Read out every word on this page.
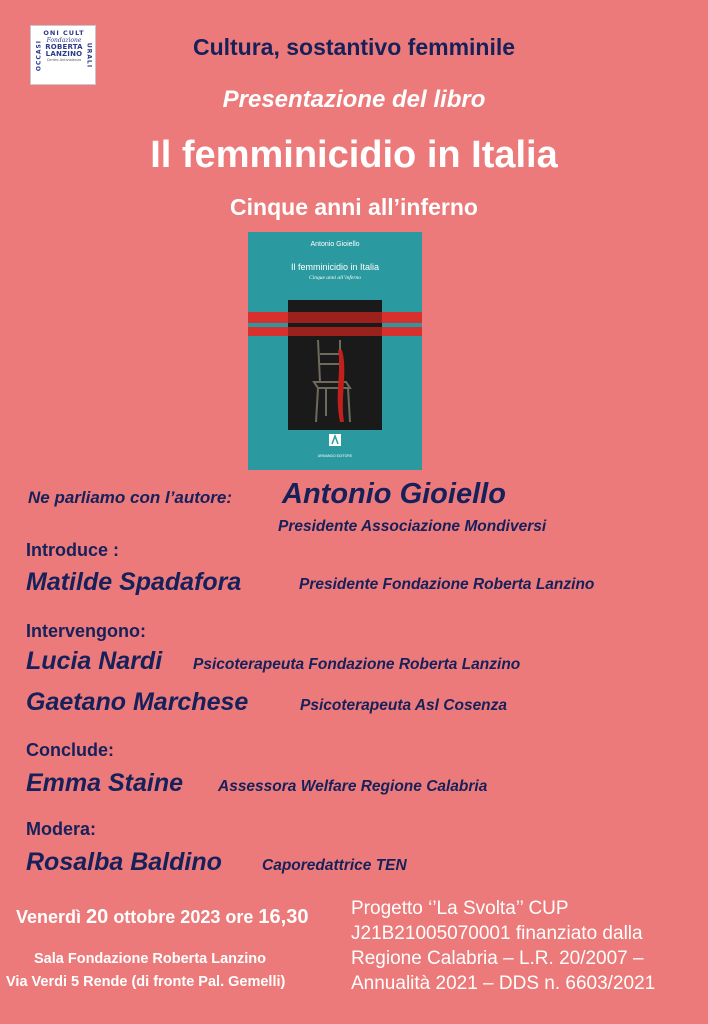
ONI CULT
OCCASI	URALI
Fondazione
ROBERTA
LANZINO
Centro Antiviolenza	Cultura, sostantivo femminile
Presentazione del libro
Il femminicidio in Italia
Cinque anni all’inferno
Antonio Gioiello
Il femminicidio in Italia
Cinque anni all’inferno
ARMANDO EDITORE
Ne parliamo con l’autore: Antonio Gioiello
Presidente Associazione Mondiversi
Introduce :
Matilde Spadafora	Presidente Fondazione Roberta Lanzino
Intervengono:
Lucia Nardi Psicoterapeuta Fondazione Roberta Lanzino
Gaetano Marchese	Psicoterapeuta Asl Cosenza
Conclude:
Emma Staine Assessora Welfare Regione Calabria
Modera:
Rosalba Baldino	Caporedattrice TEN
Venerdì 20 ottobre 2023 ore 16,30
Sala Fondazione Roberta Lanzino
Via Verdi 5 Rende (di fronte Pal. Gemelli)
Progetto ‘’La Svolta’’ CUP
J21B21005070001 finanziato dalla
Regione Calabria – L.R. 20/2007 –
Annualità 2021 – DDS n. 6603/2021
